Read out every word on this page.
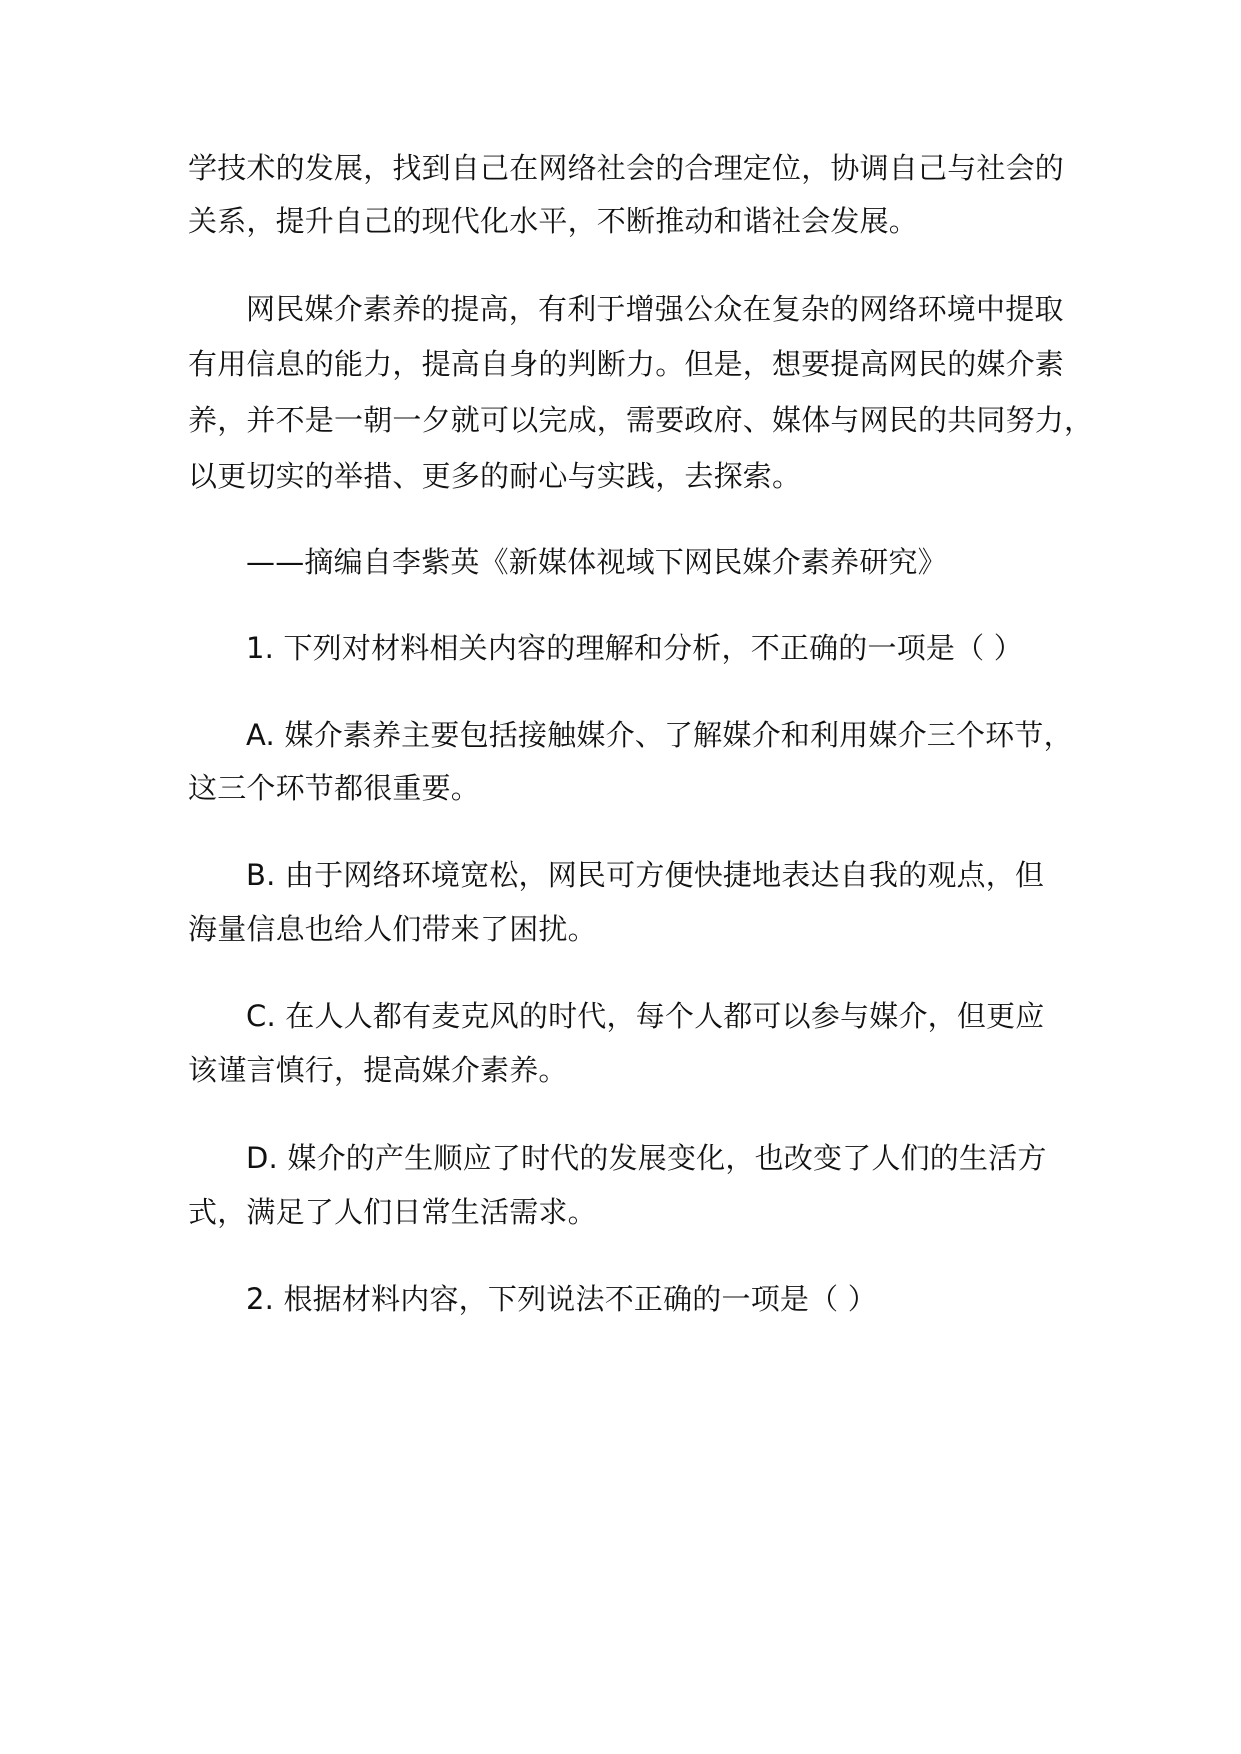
学技术的发展，找到自己在网络社会的合理定位，协调自己与社会的
关系，提升自己的现代化水平，不断推动和谐社会发展。
网民媒介素养的提高，有利于增强公众在复杂的网络环境中提取
有用信息的能力，提高自身的判断力。但是，想要提高网民的媒介素
养，并不是一朝一夕就可以完成，需要政府、媒体与网民的共同努力，
以更切实的举措、更多的耐心与实践，去探索。
——摘编自李紫英《新媒体视域下网民媒介素养研究》
1. 下列对材料相关内容的理解和分析，不正确的一项是（ ）
A. 媒介素养主要包括接触媒介、了解媒介和利用媒介三个环节，
这三个环节都很重要。
B. 由于网络环境宽松，网民可方便快捷地表达自我的观点，但
海量信息也给人们带来了困扰。
C. 在人人都有麦克风的时代，每个人都可以参与媒介，但更应
该谨言慎行，提高媒介素养。
D. 媒介的产生顺应了时代的发展变化，也改变了人们的生活方
式，满足了人们日常生活需求。
2. 根据材料内容，下列说法不正确的一项是（ ）
